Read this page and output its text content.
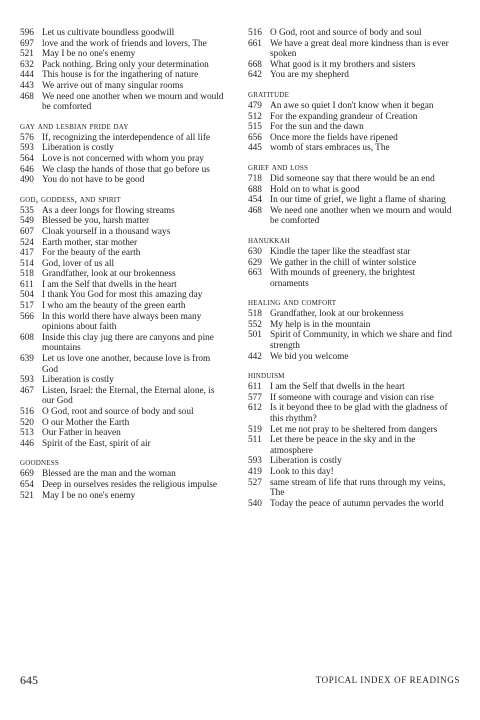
596 Let us cultivate boundless goodwill
697 love and the work of friends and lovers, The
521 May I be no one's enemy
632 Pack nothing. Bring only your determination
444 This house is for the ingathering of nature
443 We arrive out of many singular rooms
468 We need one another when we mourn and would be comforted
gay and lesbian pride day
576 If, recognizing the interdependence of all life
593 Liberation is costly
564 Love is not concerned with whom you pray
646 We clasp the hands of those that go before us
490 You do not have to be good
god, goddess, and spirit
535 As a deer longs for flowing streams
549 Blessed be you, harsh matter
607 Cloak yourself in a thousand ways
524 Earth mother, star mother
417 For the beauty of the earth
514 God, lover of us all
518 Grandfather, look at our brokenness
611 I am the Self that dwells in the heart
504 I thank You God for most this amazing day
517 I who am the beauty of the green earth
566 In this world there have always been many opinions about faith
608 Inside this clay jug there are canyons and pine mountains
639 Let us love one another, because love is from God
593 Liberation is costly
467 Listen, Israel: the Eternal, the Eternal alone, is our God
516 O God, root and source of body and soul
520 O our Mother the Earth
513 Our Father in heaven
446 Spirit of the East, spirit of air
goodness
669 Blessed are the man and the woman
654 Deep in ourselves resides the religious impulse
521 May I be no one's enemy
516 O God, root and source of body and soul
661 We have a great deal more kindness than is ever spoken
668 What good is it my brothers and sisters
642 You are my shepherd
gratitude
479 An awe so quiet I don't know when it began
512 For the expanding grandeur of Creation
515 For the sun and the dawn
656 Once more the fields have ripened
445 womb of stars embraces us, The
grief and loss
718 Did someone say that there would be an end
688 Hold on to what is good
454 In our time of grief, we light a flame of sharing
468 We need one another when we mourn and would be comforted
hanukkah
630 Kindle the taper like the steadfast star
629 We gather in the chill of winter solstice
663 With mounds of greenery, the brightest ornaments
healing and comfort
518 Grandfather, look at our brokenness
552 My help is in the mountain
501 Spirit of Community, in which we share and find strength
442 We bid you welcome
hinduism
611 I am the Self that dwells in the heart
577 If someone with courage and vision can rise
612 Is it beyond thee to be glad with the gladness of this rhythm?
519 Let me not pray to be sheltered from dangers
511 Let there be peace in the sky and in the atmosphere
593 Liberation is costly
419 Look to this day!
527 same stream of life that runs through my veins, The
540 Today the peace of autumn pervades the world
645	TOPICAL INDEX OF READINGS
